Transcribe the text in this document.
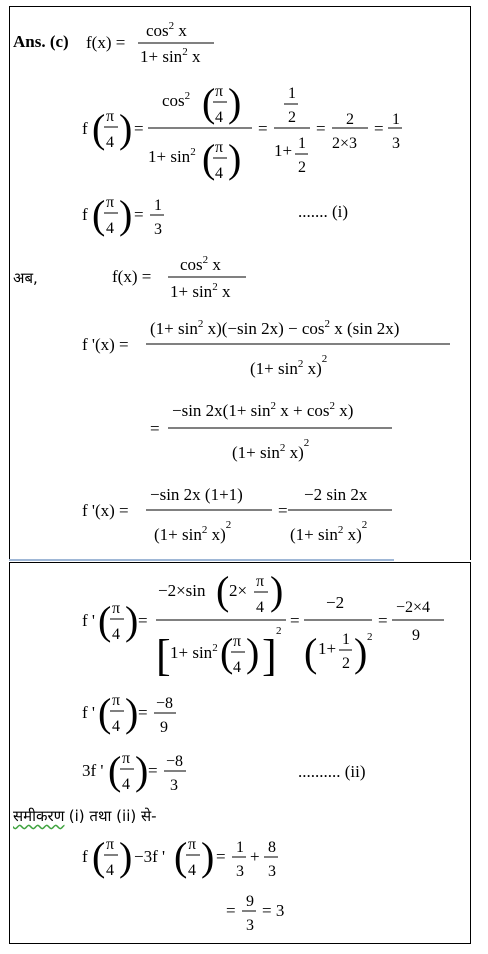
Ans. (c) f(x) =
$\cos^2 x$
$1+ \sin^2 x$
f ( π
4 ) =
$\cos^2$ ( π
4 )
$1+ \sin^2$ ( π
4 )
=
1
2
1+ 1
2
= 2
2×3
= 1
3
f ( π
4 ) = 1
3
....... (i)
अब,	f(x) =
$\cos^2 x$
$1+ \sin^2 x$
f '(x) =
$(1+ \sin^2 x)(-\sin$ $2x) - \cos^2 x$ (sin 2x)
$(1+ \sin^2 x)^2$
=
−sin $2x(1+ \sin^2 x + \cos^2 x)$
$(1+ \sin^2 x)^2$
f '(x) =
−sin 2x (1+1)
$(1+ \sin^2 x)^2$
=
−2 sin 2x
$(1+ \sin^2 x)^2$
f ' ( π
4 ) =
−2×sin ( 2× π
4 )
[ $1+ \sin^2$ ( π
4 ) ] 2
=
−2
( 1+ 1
2 ) 2
=
−2×4
9
f ' ( π
4 ) = −8
9
3f ' ( π
4 ) = −8
3
.......... (ii)
समीकरण (i) तथा (ii) से-
f ( π
4 ) −3f ' ( π
4 ) = 1
3
+ 8
3
= 9
3
= 3
